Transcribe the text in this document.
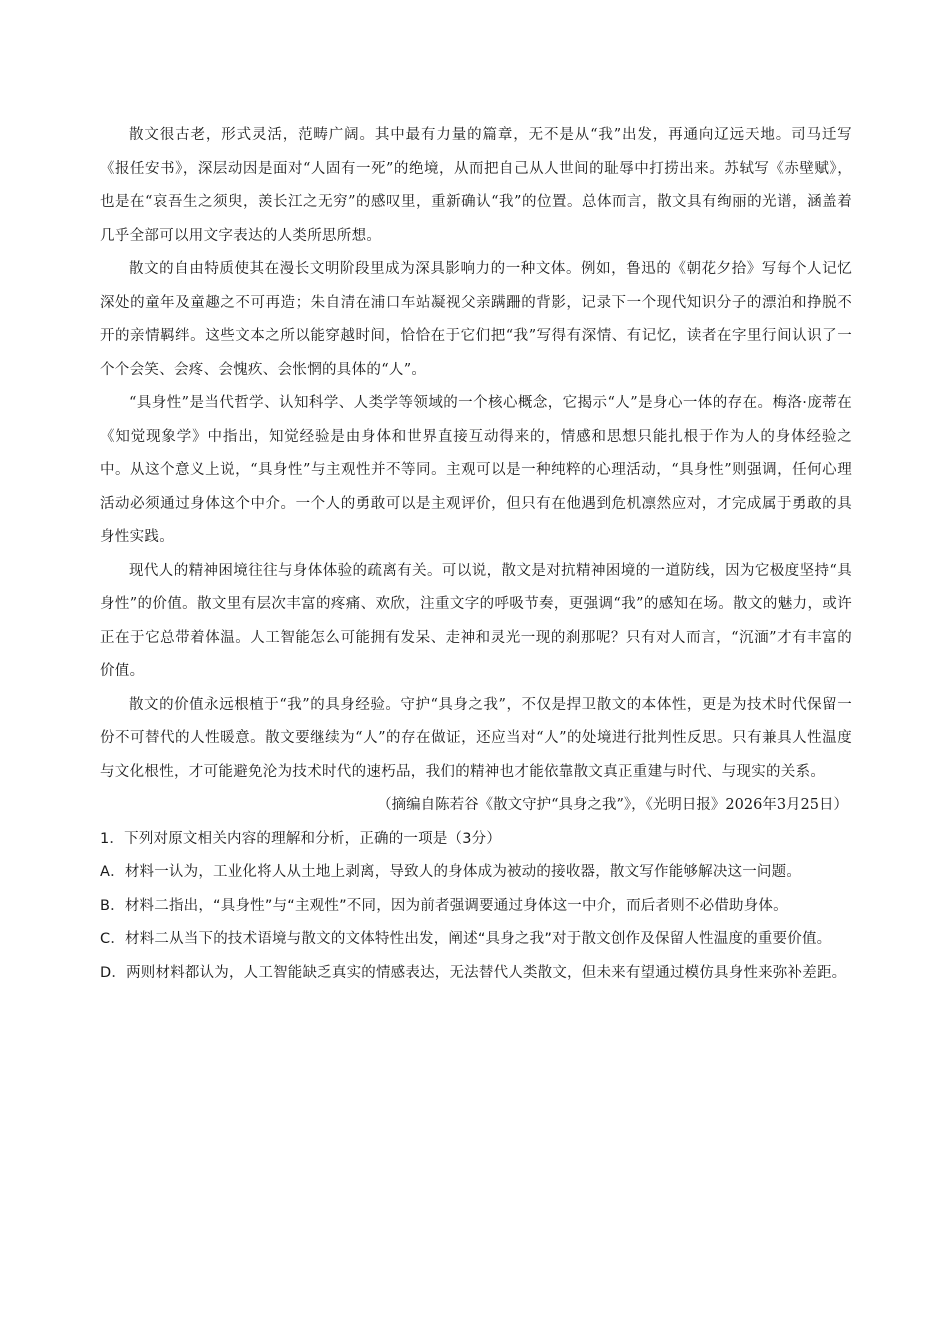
散文很古老，形式灵活，范畴广阔。其中最有力量的篇章，无不是从“我”出发，再通向辽远天地。司马迁写《报任安书》，深层动因是面对“人固有一死”的绝境，从而把自己从人世间的耻辱中打捞出来。苏轼写《赤壁赋》，也是在“哀吾生之须臾，羡长江之无穷”的感叹里，重新确认“我”的位置。总体而言，散文具有绚丽的光谱，涵盖着几乎全部可以用文字表达的人类所思所想。

散文的自由特质使其在漫长文明阶段里成为深具影响力的一种文体。例如，鲁迅的《朝花夕拾》写每个人记忆深处的童年及童趣之不可再造；朱自清在浦口车站凝视父亲蹒跚的背影，记录下一个现代知识分子的漂泊和挣脱不开的亲情羁绊。这些文本之所以能穿越时间，恰恰在于它们把“我”写得有深情、有记忆，读者在字里行间认识了一个个会笑、会疼、会愧疚、会怅惘的具体的“人”。

“具身性”是当代哲学、认知科学、人类学等领域的一个核心概念，它揭示“人”是身心一体的存在。梅洛·庞蒂在《知觉现象学》中指出，知觉经验是由身体和世界直接互动得来的，情感和思想只能扎根于作为人的身体经验之中。从这个意义上说，“具身性”与主观性并不等同。主观可以是一种纯粹的心理活动，“具身性”则强调，任何心理活动必须通过身体这个中介。一个人的勇敢可以是主观评价，但只有在他遇到危机凛然应对，才完成属于勇敢的具身性实践。

现代人的精神困境往往与身体体验的疏离有关。可以说，散文是对抗精神困境的一道防线，因为它极度坚持“具身性”的价值。散文里有层次丰富的疼痛、欢欣，注重文字的呼吸节奏，更强调“我”的感知在场。散文的魅力，或许正在于它总带着体温。人工智能怎么可能拥有发呆、走神和灵光一现的刹那呢？只有对人而言，“沉湎”才有丰富的价值。

散文的价值永远根植于“我”的具身经验。守护“具身之我”，不仅是捍卫散文的本体性，更是为技术时代保留一份不可替代的人性暖意。散文要继续为“人”的存在做证，还应当对“人”的处境进行批判性反思。只有兼具人性温度与文化根性，才可能避免沦为技术时代的速朽品，我们的精神也才能依靠散文真正重建与时代、与现实的关系。

（摘编自陈若谷《散文守护“具身之我”》，《光明日报》2026年3月25日）

1．下列对原文相关内容的理解和分析，正确的一项是（3分）

A．材料一认为，工业化将人从土地上剥离，导致人的身体成为被动的接收器，散文写作能够解决这一问题。

B．材料二指出，“具身性”与“主观性”不同，因为前者强调要通过身体这一中介，而后者则不必借助身体。

C．材料二从当下的技术语境与散文的文体特性出发，阐述“具身之我”对于散文创作及保留人性温度的重要价值。

D．两则材料都认为，人工智能缺乏真实的情感表达，无法替代人类散文，但未来有望通过模仿具身性来弥补差距。
